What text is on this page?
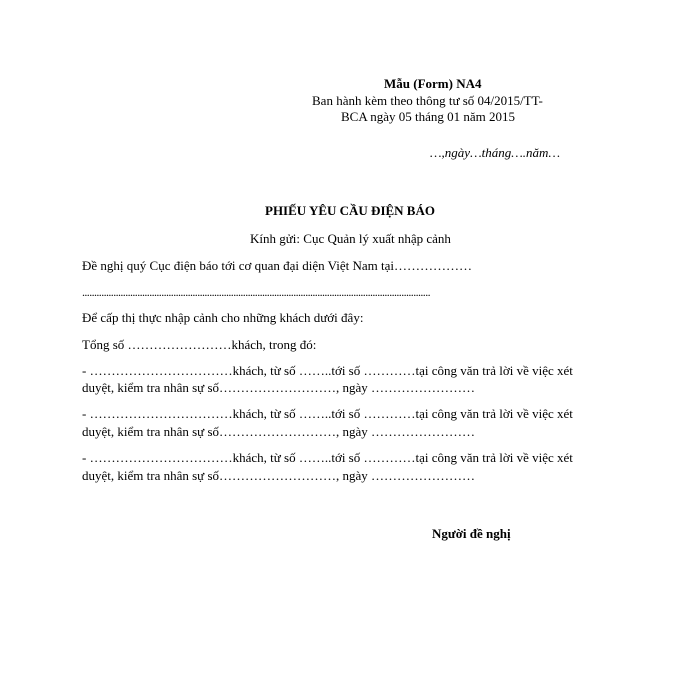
Mẫu (Form) NA4
Ban hành kèm theo thông tư số 04/2015/TT-
BCA ngày 05 tháng 01 năm 2015
…,ngày…tháng….năm…
PHIẾU YÊU CẦU ĐIỆN BÁO
Kính gửi: Cục Quản lý xuất nhập cảnh
Đề nghị quý Cục điện báo tới cơ quan đại diện Việt Nam tại………………
.................................................................................................................................................
Để cấp thị thực nhập cảnh cho những khách dưới đây:
Tổng số ……………………khách, trong đó:
- ……………………………khách, từ số ……..tới số …………tại công văn trả lời về việc xét
duyệt, kiểm tra nhân sự số………………………, ngày ……………………
- ……………………………khách, từ số ……..tới số …………tại công văn trả lời về việc xét
duyệt, kiểm tra nhân sự số………………………, ngày ……………………
- ……………………………khách, từ số ……..tới số …………tại công văn trả lời về việc xét
duyệt, kiểm tra nhân sự số………………………, ngày ……………………
Người đề nghị
